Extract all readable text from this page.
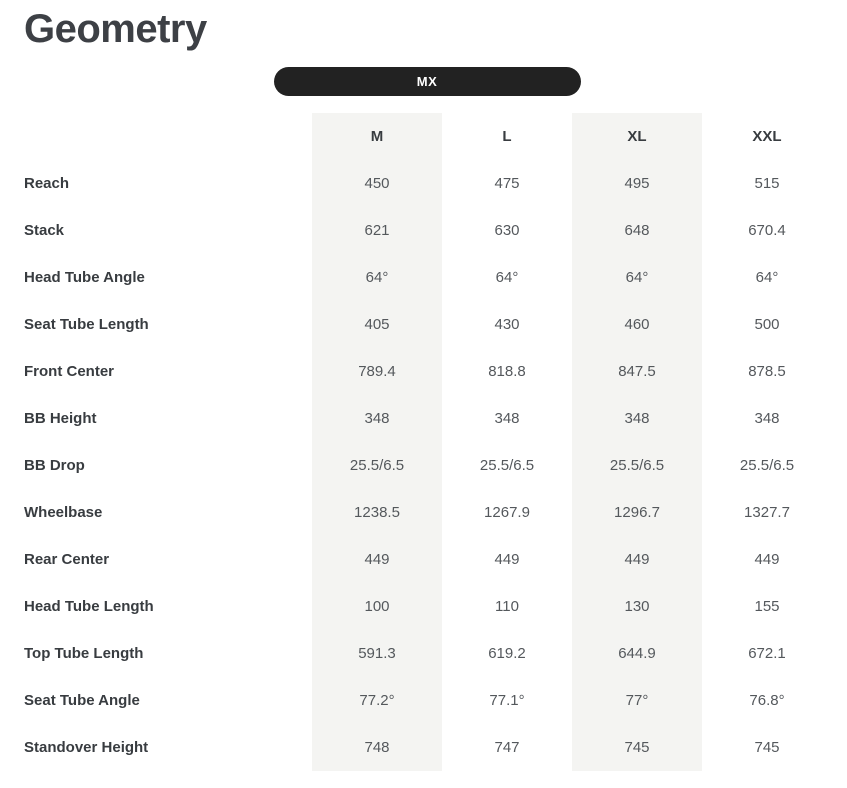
Geometry
MX
M	L	XL	XXL
Reach	450	475	495	515
Stack	621	630	648	670.4
Head Tube Angle	64°	64°	64°	64°
Seat Tube Length	405	430	460	500
Front Center	789.4	818.8	847.5	878.5
BB Height	348	348	348	348
BB Drop	25.5/6.5	25.5/6.5	25.5/6.5	25.5/6.5
Wheelbase	1238.5	1267.9	1296.7	1327.7
Rear Center	449	449	449	449
Head Tube Length	100	110	130	155
Top Tube Length	591.3	619.2	644.9	672.1
Seat Tube Angle	77.2°	77.1°	77°	76.8°
Standover Height	748	747	745	745
